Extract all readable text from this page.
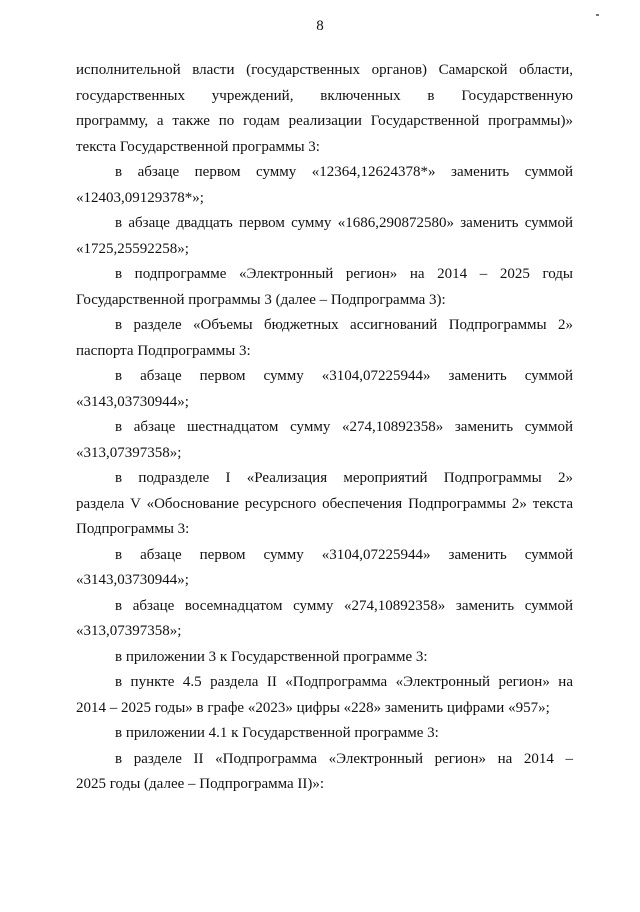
8
исполнительной власти (государственных органов) Самарской области,
государственных учреждений, включенных в Государственную
программу, а также по годам реализации Государственной программы)»
текста Государственной программы 3:
в абзаце первом сумму «12364,12624378*» заменить суммой
«12403,09129378*»;
в абзаце двадцать первом сумму «1686,290872580» заменить суммой
«1725,25592258»;
в подпрограмме «Электронный регион» на 2014 – 2025 годы
Государственной программы 3 (далее – Подпрограмма 3):
в разделе «Объемы бюджетных ассигнований Подпрограммы 2»
паспорта Подпрограммы 3:
в абзаце первом сумму «3104,07225944» заменить суммой
«3143,03730944»;
в абзаце шестнадцатом сумму «274,10892358» заменить суммой
«313,07397358»;
в подразделе I «Реализация мероприятий Подпрограммы 2»
раздела V «Обоснование ресурсного обеспечения Подпрограммы 2» текста
Подпрограммы 3:
в абзаце первом сумму «3104,07225944» заменить суммой
«3143,03730944»;
в абзаце восемнадцатом сумму «274,10892358» заменить суммой
«313,07397358»;
в приложении 3 к Государственной программе 3:
в пункте 4.5 раздела II «Подпрограмма «Электронный регион» на
2014 – 2025 годы» в графе «2023» цифры «228» заменить цифрами «957»;
в приложении 4.1 к Государственной программе 3:
в разделе II «Подпрограмма «Электронный регион» на 2014 –
2025 годы (далее – Подпрограмма II)»:
